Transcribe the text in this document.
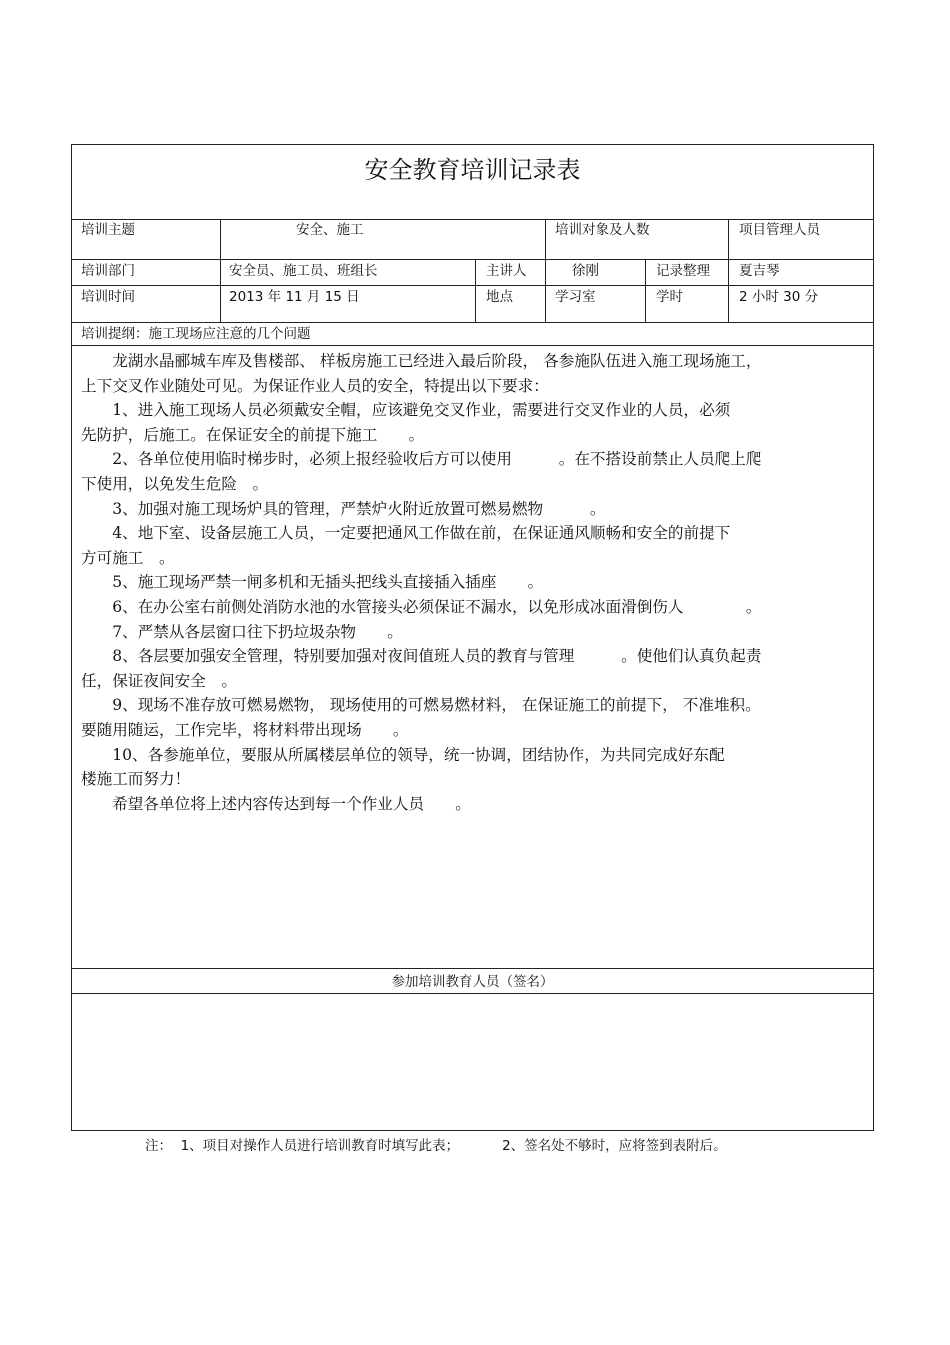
安全教育培训记录表
培训主题	安全、施工	培训对象及人数	项目管理人员
培训部门	安全员、施工员、班组长	主讲人	徐刚	记录整理 夏吉琴
培训时间	2013 年 11 月 15 日	地点	学习室	学时	2 小时 30 分
培训提纲：施工现场应注意的几个问题

　　龙湖水晶郦城车库及售楼部、 样板房施工已经进入最后阶段， 各参施队伍进入施工现场施工，

上下交叉作业随处可见。为保证作业人员的安全，特提出以下要求：

　　1、进入施工现场人员必须戴安全帽，应该避免交叉作业，需要进行交叉作业的人员，必须

先防护，后施工。在保证安全的前提下施工　　。

　　2、各单位使用临时梯步时，必须上报经验收后方可以使用　　　。在不搭设前禁止人员爬上爬

下使用，以免发生危险　。

　　3、加强对施工现场炉具的管理，严禁炉火附近放置可燃易燃物　　　。

　　4、地下室、设备层施工人员，一定要把通风工作做在前，在保证通风顺畅和安全的前提下

方可施工　。

　　5、施工现场严禁一闸多机和无插头把线头直接插入插座　　。

　　6、在办公室右前侧处消防水池的水管接头必须保证不漏水，以免形成冰面滑倒伤人　　　　。

　　7、严禁从各层窗口往下扔垃圾杂物　　。

　　8、各层要加强安全管理，特别要加强对夜间值班人员的教育与管理　　　。使他们认真负起责

任，保证夜间安全　。

　　9、现场不准存放可燃易燃物， 现场使用的可燃易燃材料， 在保证施工的前提下， 不准堆积。

要随用随运，工作完毕，将材料带出现场　　。

　　10、各参施单位，要服从所属楼层单位的领导，统一协调，团结协作，为共同完成好东配

楼施工而努力！

　　希望各单位将上述内容传达到每一个作业人员　　。

参加培训教育人员（签名）
注：  1、项目对操作人员进行培训教育时填写此表；          2、签名处不够时，应将签到表附后。
